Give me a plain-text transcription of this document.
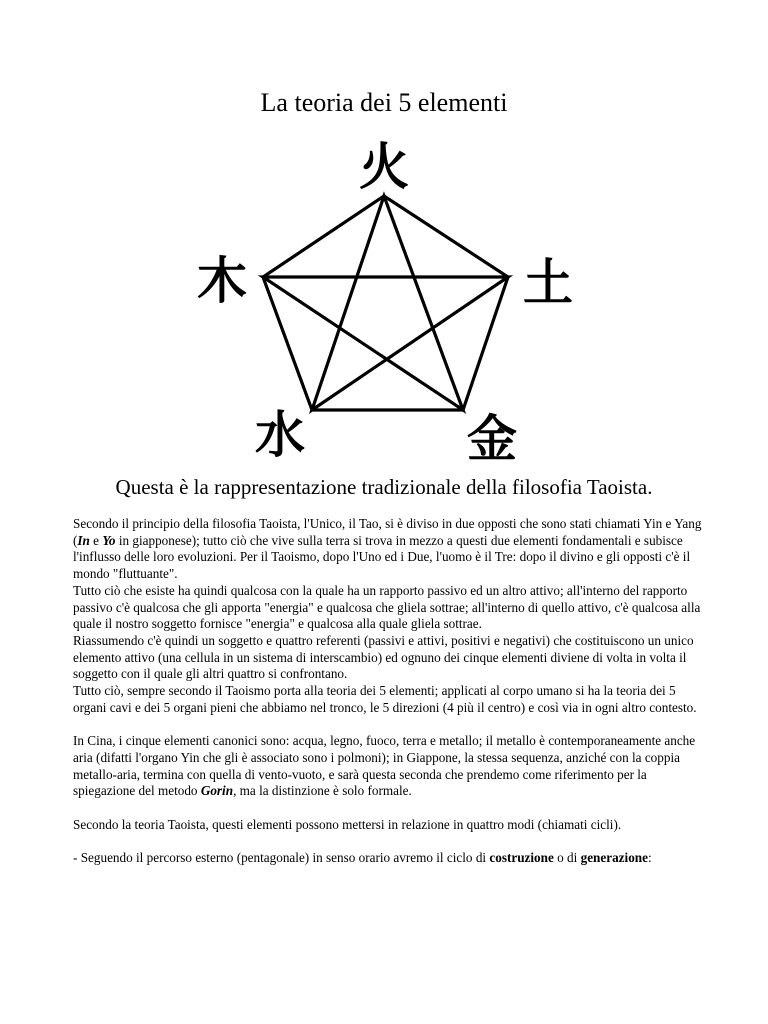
La teoria dei 5 elementi
火
土
金
水
木
Questa è la rappresentazione tradizionale della filosofia Taoista.

Secondo il principio della filosofia Taoista, l'Unico, il Tao, si è diviso in due opposti che sono stati chiamati Yin e Yang (In e Yo in giapponese); tutto ciò che vive sulla terra si trova in mezzo a questi due elementi fondamentali e subisce l'influsso delle loro evoluzioni. Per il Taoismo, dopo l'Uno ed i Due, l'uomo è il Tre: dopo il divino e gli opposti c'è il mondo "fluttuante".

Tutto ciò che esiste ha quindi qualcosa con la quale ha un rapporto passivo ed un altro attivo; all'interno del rapporto passivo c'è qualcosa che gli apporta "energia" e qualcosa che gliela sottrae; all'interno di quello attivo, c'è qualcosa alla quale il nostro soggetto fornisce "energia" e qualcosa alla quale gliela sottrae.

Riassumendo c'è quindi un soggetto e quattro referenti (passivi e attivi, positivi e negativi) che costituiscono un unico elemento attivo (una cellula in un sistema di interscambio) ed ognuno dei cinque elementi diviene di volta in volta il soggetto con il quale gli altri quattro si confrontano.

Tutto ciò, sempre secondo il Taoismo porta alla teoria dei 5 elementi; applicati al corpo umano si ha la teoria dei 5 organi cavi e dei 5 organi pieni che abbiamo nel tronco, le 5 direzioni (4 più il centro) e così via in ogni altro contesto.

In Cina, i cinque elementi canonici sono: acqua, legno, fuoco, terra e metallo; il metallo è contemporaneamente anche aria (difatti l'organo Yin che gli è associato sono i polmoni); in Giappone, la stessa sequenza, anziché con la coppia metallo-aria, termina con quella di vento-vuoto, e sarà questa seconda che prendemo come riferimento per la spiegazione del metodo Gorin, ma la distinzione è solo formale.

Secondo la teoria Taoista, questi elementi possono mettersi in relazione in quattro modi (chiamati cicli).

- Seguendo il percorso esterno (pentagonale) in senso orario avremo il ciclo di costruzione o di generazione:
